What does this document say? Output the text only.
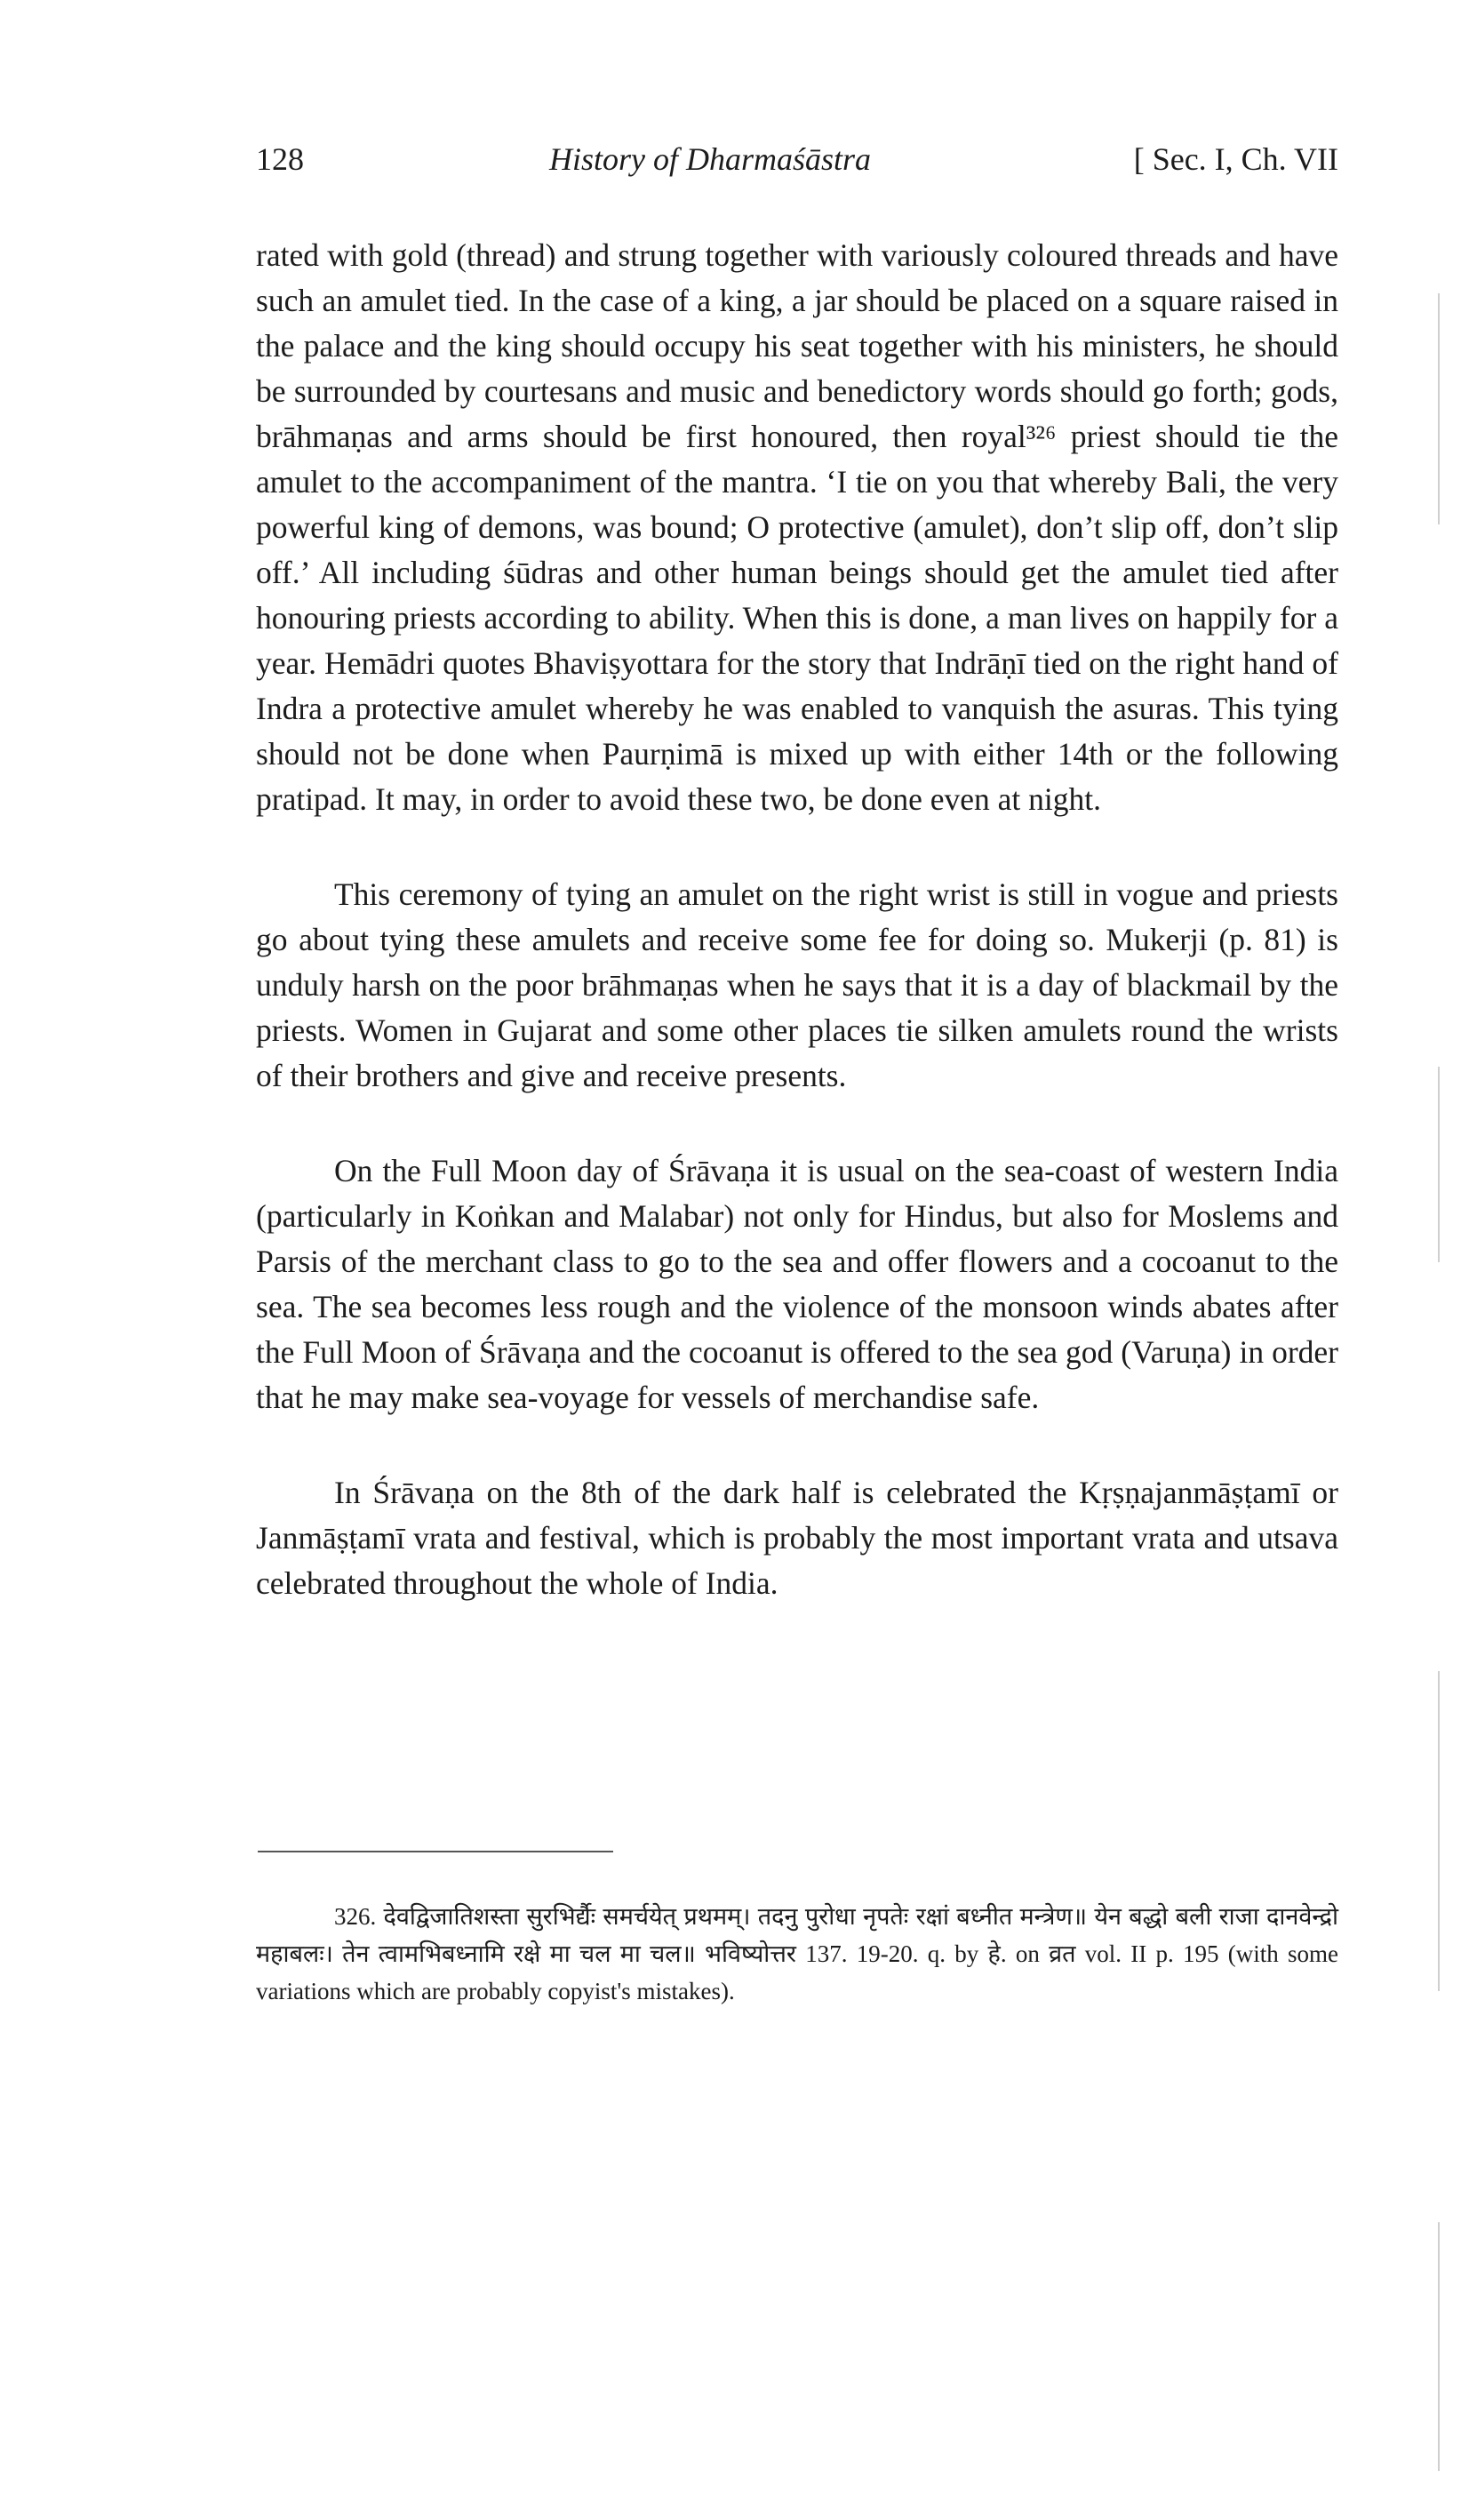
128	History of Dharmaśāstra	[ Sec. I, Ch. VII

rated with gold (thread) and strung together with variously coloured threads and have such an amulet tied. In the case of a king, a jar should be placed on a square raised in the palace and the king should occupy his seat together with his ministers, he should be surrounded by courtesans and music and benedictory words should go forth; gods, brāhmaṇas and arms should be first honoured, then royal³²⁶ priest should tie the amulet to the accompaniment of the mantra. ‘I tie on you that whereby Bali, the very powerful king of demons, was bound; O protective (amulet), don’t slip off, don’t slip off.’ All including śūdras and other human beings should get the amulet tied after honouring priests according to ability. When this is done, a man lives on happily for a year. Hemādri quotes Bhaviṣyottara for the story that Indrāṇī tied on the right hand of Indra a protective amulet whereby he was enabled to vanquish the asuras. This tying should not be done when Paurṇimā is mixed up with either 14th or the following pratipad. It may, in order to avoid these two, be done even at night.

This ceremony of tying an amulet on the right wrist is still in vogue and priests go about tying these amulets and receive some fee for doing so. Mukerji (p. 81) is unduly harsh on the poor brāhmaṇas when he says that it is a day of blackmail by the priests. Women in Gujarat and some other places tie silken amulets round the wrists of their brothers and give and receive presents.

On the Full Moon day of Śrāvaṇa it is usual on the sea-coast of western India (particularly in Koṅkan and Malabar) not only for Hindus, but also for Moslems and Parsis of the merchant class to go to the sea and offer flowers and a cocoanut to the sea. The sea becomes less rough and the violence of the monsoon winds abates after the Full Moon of Śrāvaṇa and the cocoanut is offered to the sea god (Varuṇa) in order that he may make sea-voyage for vessels of merchandise safe.

In Śrāvaṇa on the 8th of the dark half is celebrated the Kṛṣṇajanmāṣṭamī or Janmāṣṭamī vrata and festival, which is probably the most important vrata and utsava celebrated throughout the whole of India.

326. देवद्विजातिशस्ता सुरभिर्द्यैः समर्चयेत् प्रथमम्। तदनु पुरोधा नृपतेः रक्षां बध्नीत मन्त्रेण॥ येन बद्धो बली राजा दानवेन्द्रो महाबलः। तेन त्वामभिबध्नामि रक्षे मा चल मा चल॥ भविष्योत्तर 137. 19-20. q. by हे. on व्रत vol. II p. 195 (with some variations which are probably copyist's mistakes).
